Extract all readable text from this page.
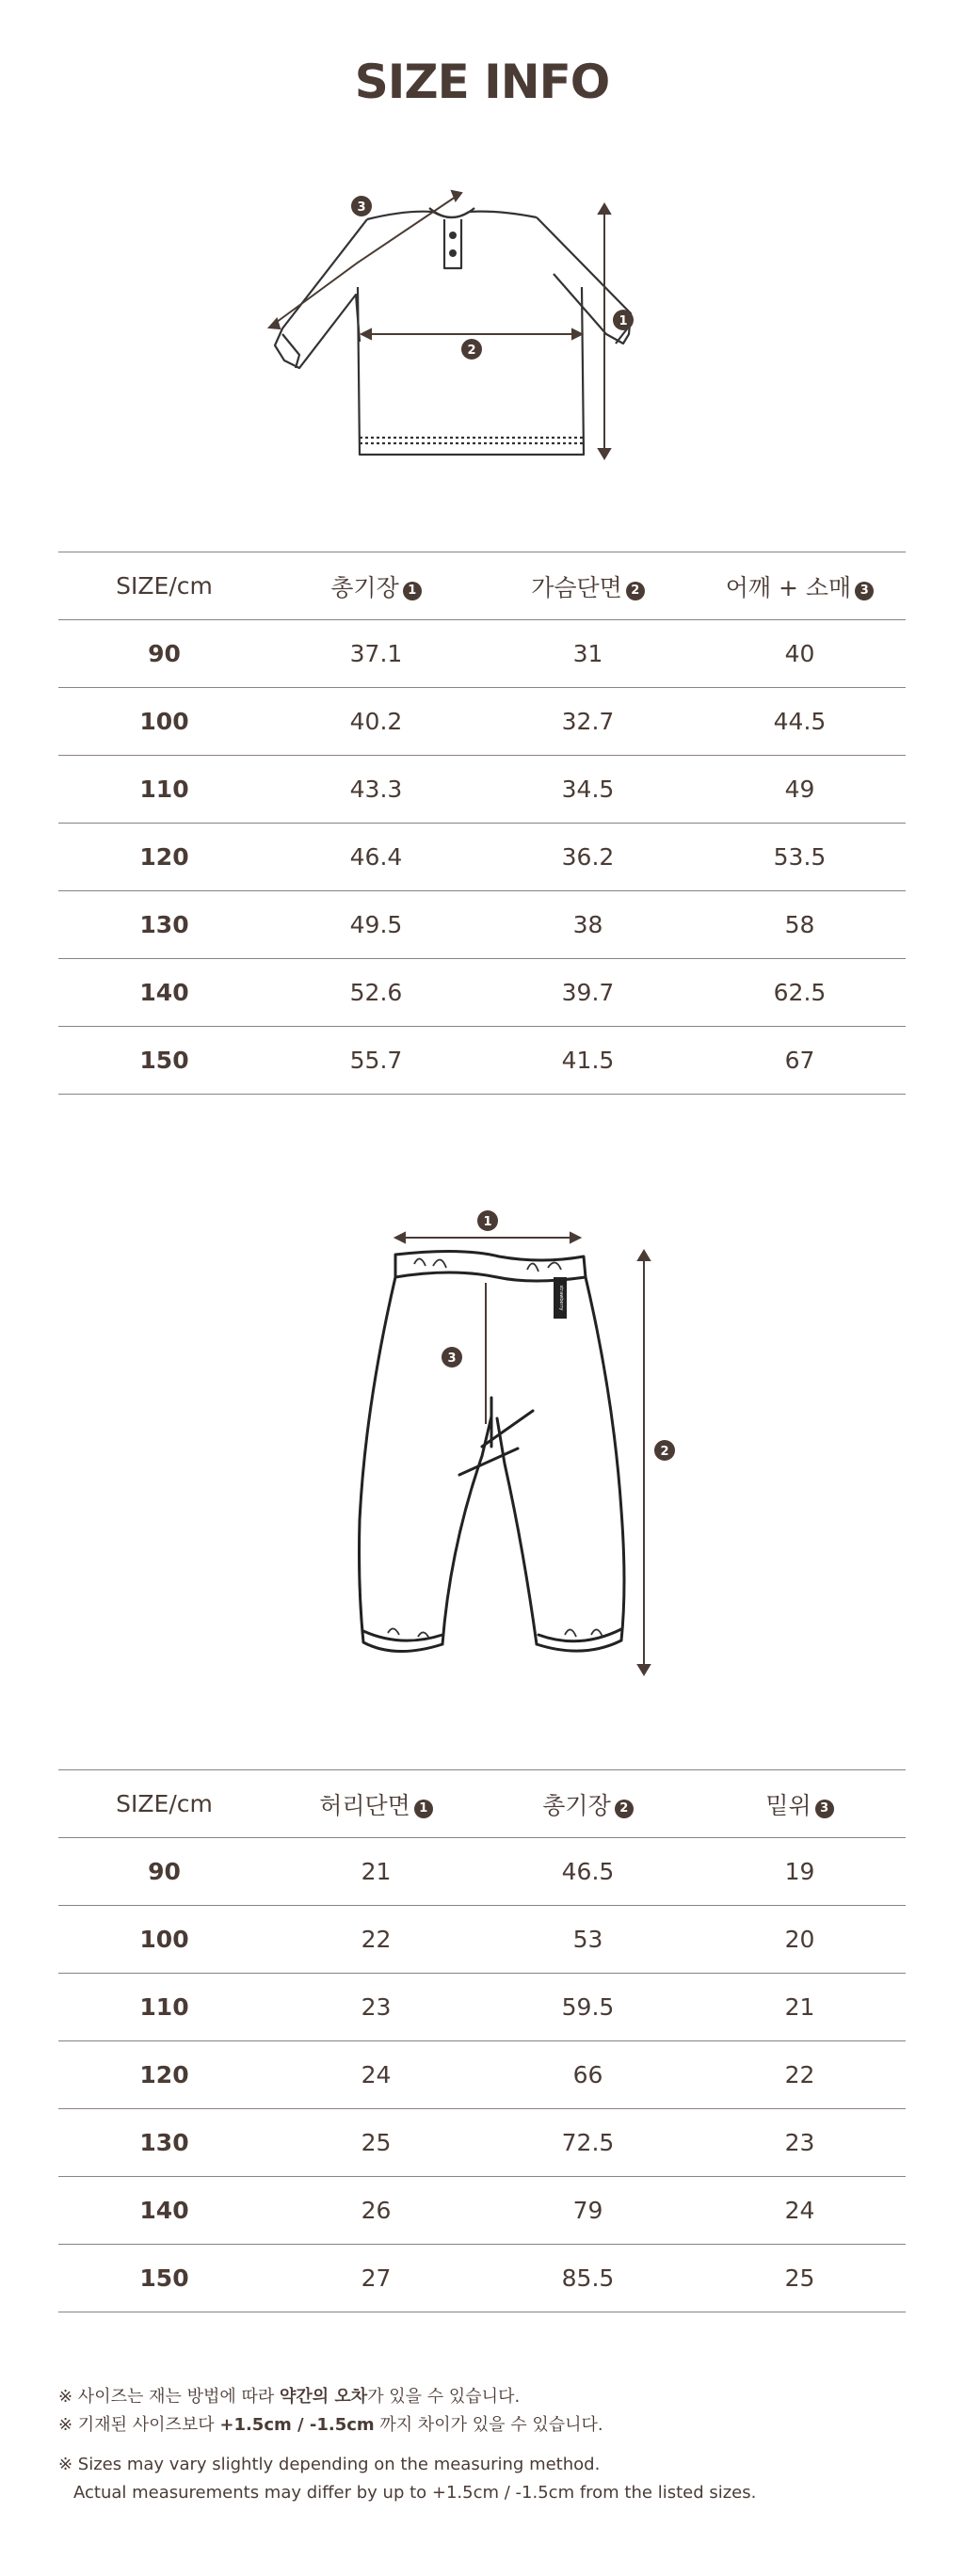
SIZE INFO
1
2
3
SIZE/cm	총기장 1	가슴단면 2	어깨 + 소매 3
90	37.1	31	40
100	40.2	32.7	44.5
110	43.3	34.5	49
120	46.4	36.2	53.5
130	49.5	38	58
140	52.6	39.7	62.5
150	55.7	41.5	67
strawberry
1
2
3
SIZE/cm	허리단면 1	총기장 2	밑위 3
90	21	46.5	19
100	22	53	20
110	23	59.5	21
120	24	66	22
130	25	72.5	23
140	26	79	24
150	27	85.5	25
※ 사이즈는 재는 방법에 따라 약간의 오차가 있을 수 있습니다.
※ 기재된 사이즈보다 +1.5cm / -1.5cm 까지 차이가 있을 수 있습니다.
※ Sizes may vary slightly depending on the measuring method.
Actual measurements may differ by up to +1.5cm / -1.5cm from the listed sizes.
